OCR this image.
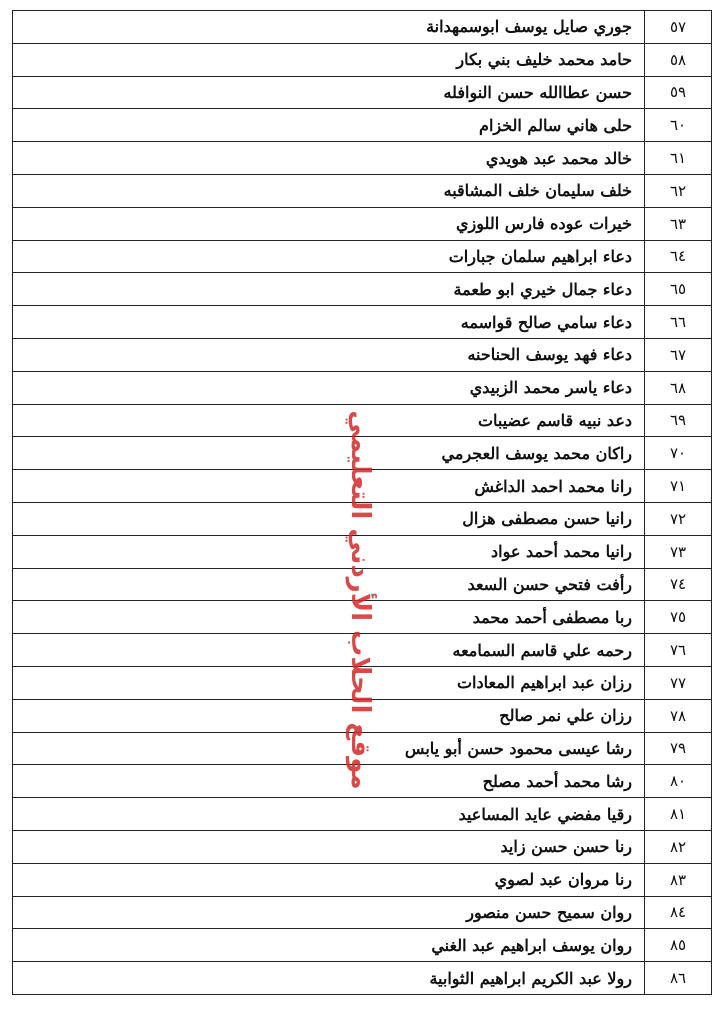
٥٧	جوري صايل يوسف ابوسمهدانة
٥٨	حامد محمد خليف بني بكار
٥٩	حسن عطاالله حسن النوافله
٦٠	حلى هاني سالم الخزام
٦١	خالد محمد عبد هويدي
٦٢	خلف سليمان خلف المشاقبه
٦٣	خيرات عوده فارس اللوزي
٦٤	دعاء ابراهيم سلمان جبارات
٦٥	دعاء جمال خيري ابو طعمة
٦٦	دعاء سامي صالح قواسمه
٦٧	دعاء فهد يوسف الحناحنه
٦٨	دعاء ياسر محمد الزبيدي
٦٩	دعد نبيه قاسم عضيبات
٧٠	راكان محمد يوسف العجرمي
٧١	رانا محمد احمد الداغش
٧٢	رانيا حسن مصطفى هزال
٧٣	رانيا محمد أحمد عواد
٧٤	رأفت فتحي حسن السعد
٧٥	ربا مصطفى أحمد محمد
٧٦	رحمه علي قاسم السمامعه
٧٧	رزان عبد ابراهيم المعادات
٧٨	رزان علي نمر صالح
٧٩	رشا عيسى محمود حسن أبو يابس
٨٠	رشا محمد أحمد مصلح
٨١	رقيا مفضي عايد المساعيد
٨٢	رنا حسن حسن زايد
٨٣	رنا مروان عبد لصوي
٨٤	روان سميح حسن منصور
٨٥	روان يوسف ابراهيم عبد الغني
٨٦	رولا عبد الكريم ابراهيم الثوابية
موقع الحلاب الأردني التعليمي
